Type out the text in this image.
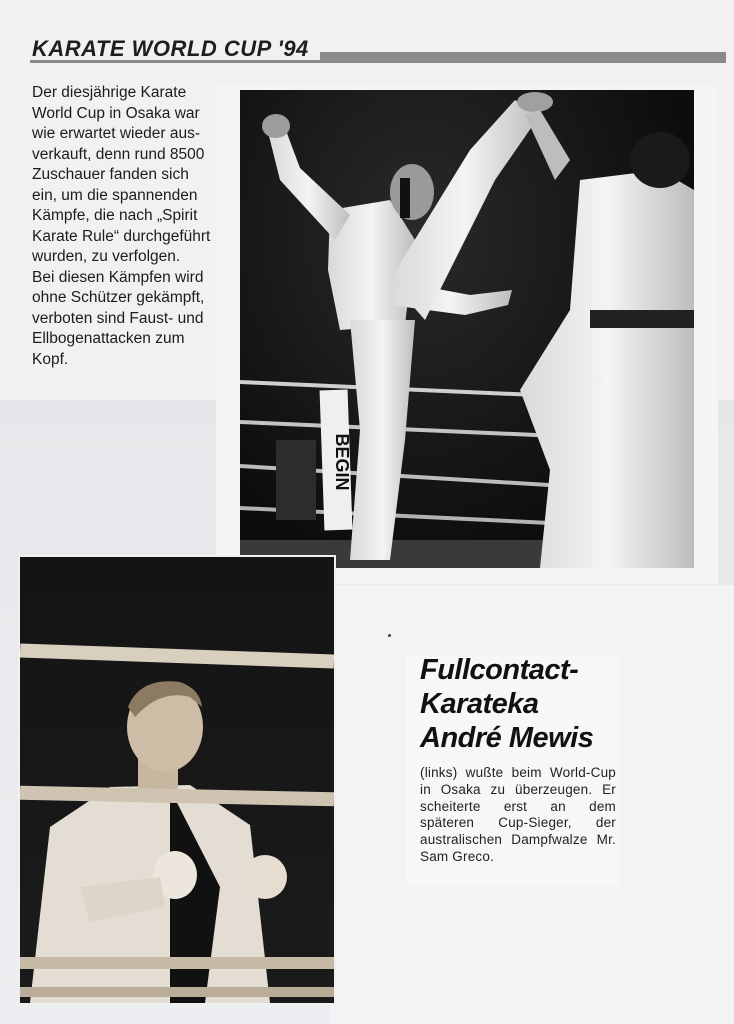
KARATE WORLD CUP '94

Der diesjährige Karate

World Cup in Osaka war

wie erwartet wieder aus-

verkauft, denn rund 8500

Zuschauer fanden sich

ein, um die spannenden

Kämpfe, die nach „Spirit

Karate Rule“ durchgeführt

wurden, zu verfolgen.

Bei diesen Kämpfen wird

ohne Schützer gekämpft,

verboten sind Faust- und

Ellbogenattacken zum

Kopf.

BEGIN
Fullcontact-
Karateka
André Mewis
(links) wußte beim World-Cup in Osaka zu überzeugen. Er scheiterte erst an dem späteren Cup-Sieger, der australischen Dampfwalze Mr. Sam Greco.
